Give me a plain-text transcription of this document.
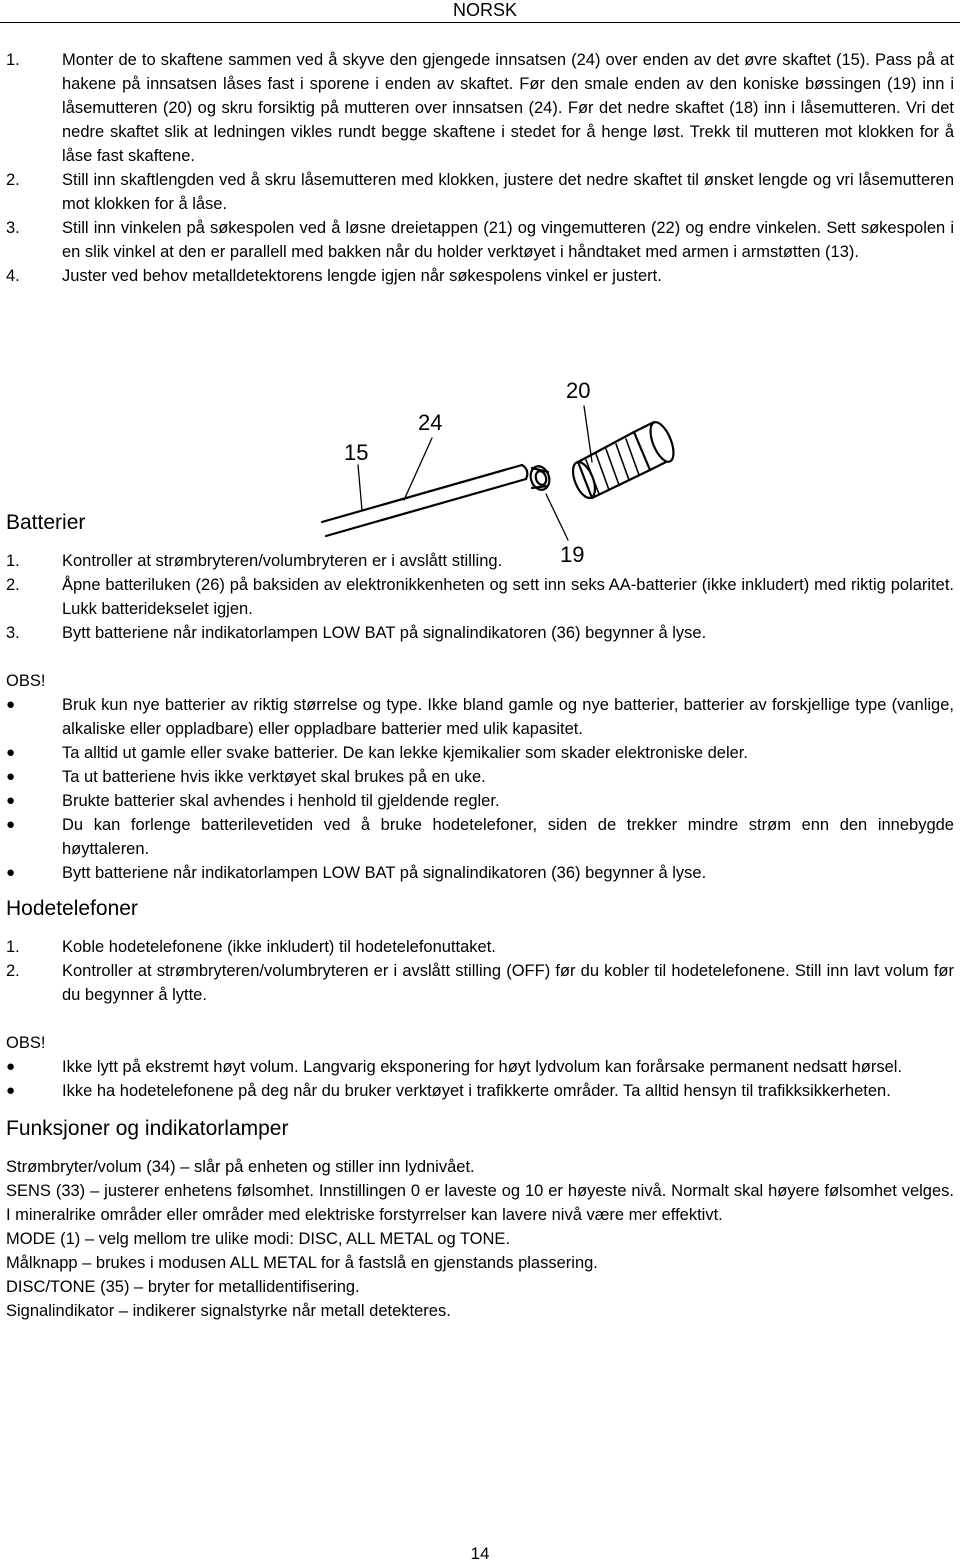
NORSK
1.	Monter de to skaftene sammen ved å skyve den gjengede innsatsen (24) over enden av det øvre skaftet (15). Pass på at hakene på innsatsen låses fast i sporene i enden av skaftet. Før den smale enden av den koniske bøssingen (19) inn i låsemutteren (20) og skru forsiktig på mutteren over innsatsen (24). Før det nedre skaftet (18) inn i låsemutteren. Vri det nedre skaftet slik at ledningen vikles rundt begge skaftene i stedet for å henge løst. Trekk til mutteren mot klokken for å låse fast skaftene.
2.	Still inn skaftlengden ved å skru låsemutteren med klokken, justere det nedre skaftet til ønsket lengde og vri låsemutteren mot klokken for å låse.
3.	Still inn vinkelen på søkespolen ved å løsne dreietappen (21) og vingemutteren (22) og endre vinkelen. Sett søkespolen i en slik vinkel at den er parallell med bakken når du holder verktøyet i håndtaket med armen i armstøtten (13).
4.	Juster ved behov metalldetektorens lengde igjen når søkespolens vinkel er justert.
Batterier
1.	Kontroller at strømbryteren/volumbryteren er i avslått stilling.
2.	Åpne batteriluken (26) på baksiden av elektronikkenheten og sett inn seks AA-batterier (ikke inkludert) med riktig polaritet. Lukk batteridekselet igjen.
3.	Bytt batteriene når indikatorlampen LOW BAT på signalindikatoren (36) begynner å lyse.

OBS!

●	Bruk kun nye batterier av riktig størrelse og type. Ikke bland gamle og nye batterier, batterier av forskjellige type (vanlige, alkaliske eller oppladbare) eller oppladbare batterier med ulik kapasitet.
●	Ta alltid ut gamle eller svake batterier. De kan lekke kjemikalier som skader elektroniske deler.
●	Ta ut batteriene hvis ikke verktøyet skal brukes på en uke.
●	Brukte batterier skal avhendes i henhold til gjeldende regler.
●	Du kan forlenge batterilevetiden ved å bruke hodetelefoner, siden de trekker mindre strøm enn den innebygde høyttaleren.
●	Bytt batteriene når indikatorlampen LOW BAT på signalindikatoren (36) begynner å lyse.
Hodetelefoner
1.	Koble hodetelefonene (ikke inkludert) til hodetelefonuttaket.
2.	Kontroller at strømbryteren/volumbryteren er i avslått stilling (OFF) før du kobler til hodetelefonene. Still inn lavt volum før du begynner å lytte.

OBS!

●	Ikke lytt på ekstremt høyt volum. Langvarig eksponering for høyt lydvolum kan forårsake permanent nedsatt hørsel.
●	Ikke ha hodetelefonene på deg når du bruker verktøyet i trafikkerte områder. Ta alltid hensyn til trafikksikkerheten.
Funksjoner og indikatorlamper

Strømbryter/volum (34) – slår på enheten og stiller inn lydnivået.

SENS (33) – justerer enhetens følsomhet. Innstillingen 0 er laveste og 10 er høyeste nivå. Normalt skal høyere følsomhet velges. I mineralrike områder eller områder med elektriske forstyrrelser kan lavere nivå være mer effektivt.

MODE (1) – velg mellom tre ulike modi: DISC, ALL METAL og TONE.

Målknapp – brukes i modusen ALL METAL for å fastslå en gjenstands plassering.

DISC/TONE (35) – bryter for metallidentifisering.

Signalindikator – indikerer signalstyrke når metall detekteres.

20
24
15
19
14
